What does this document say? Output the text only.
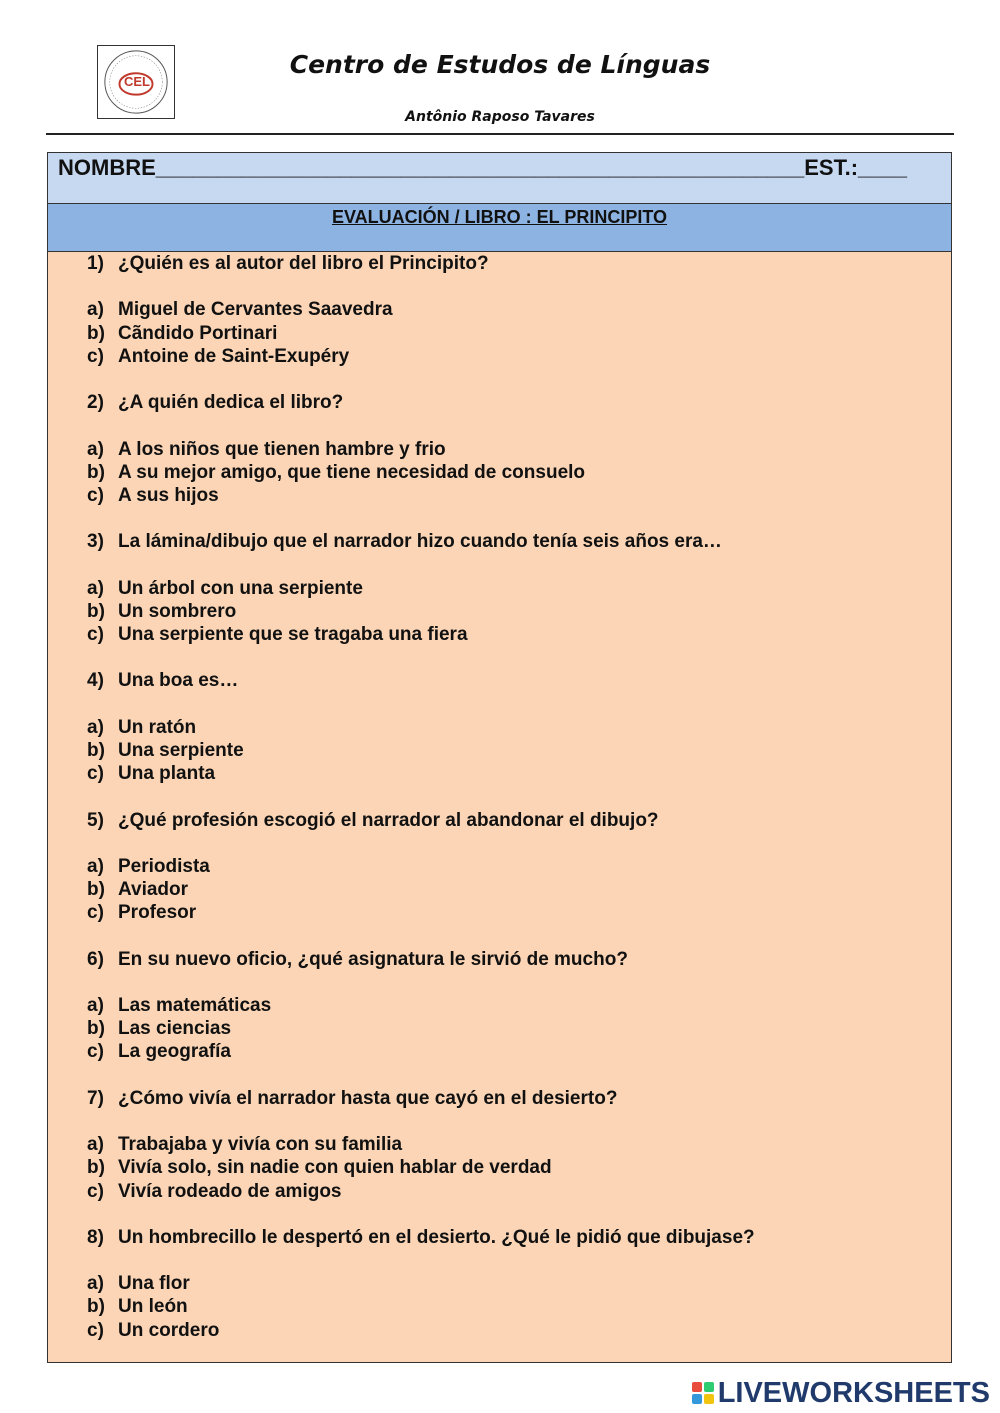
CEL
Centro de Estudos de Línguas
Antônio Raposo Tavares
NOMBRE_____________________________________________________EST.:____
EVALUACIÓN / LIBRO : EL PRINCIPITO
1) ¿Quién es al autor del libro el Principito?
a) Miguel de Cervantes Saavedra
b) Cãndido Portinari
c) Antoine de Saint-Exupéry
2) ¿A quién dedica el libro?
a) A los niños que tienen hambre y frio
b) A su mejor amigo, que tiene necesidad de consuelo
c) A sus hijos
3) La lámina/dibujo que el narrador hizo cuando tenía seis años era…
a) Un árbol con una serpiente
b) Un sombrero
c) Una serpiente que se tragaba una fiera
4) Una boa es…
a) Un ratón
b) Una serpiente
c) Una planta
5) ¿Qué profesión escogió el narrador al abandonar el dibujo?
a) Periodista
b) Aviador
c) Profesor
6) En su nuevo oficio, ¿qué asignatura le sirvió de mucho?
a) Las matemáticas
b) Las ciencias
c) La geografía
7) ¿Cómo vivía el narrador hasta que cayó en el desierto?
a) Trabajaba y vivía con su familia
b) Vivía solo, sin nadie con quien hablar de verdad
c) Vivía rodeado de amigos
8) Un hombrecillo le despertó en el desierto. ¿Qué le pidió que dibujase?
a) Una flor
b) Un león
c) Un cordero
LIVEWORKSHEETS
